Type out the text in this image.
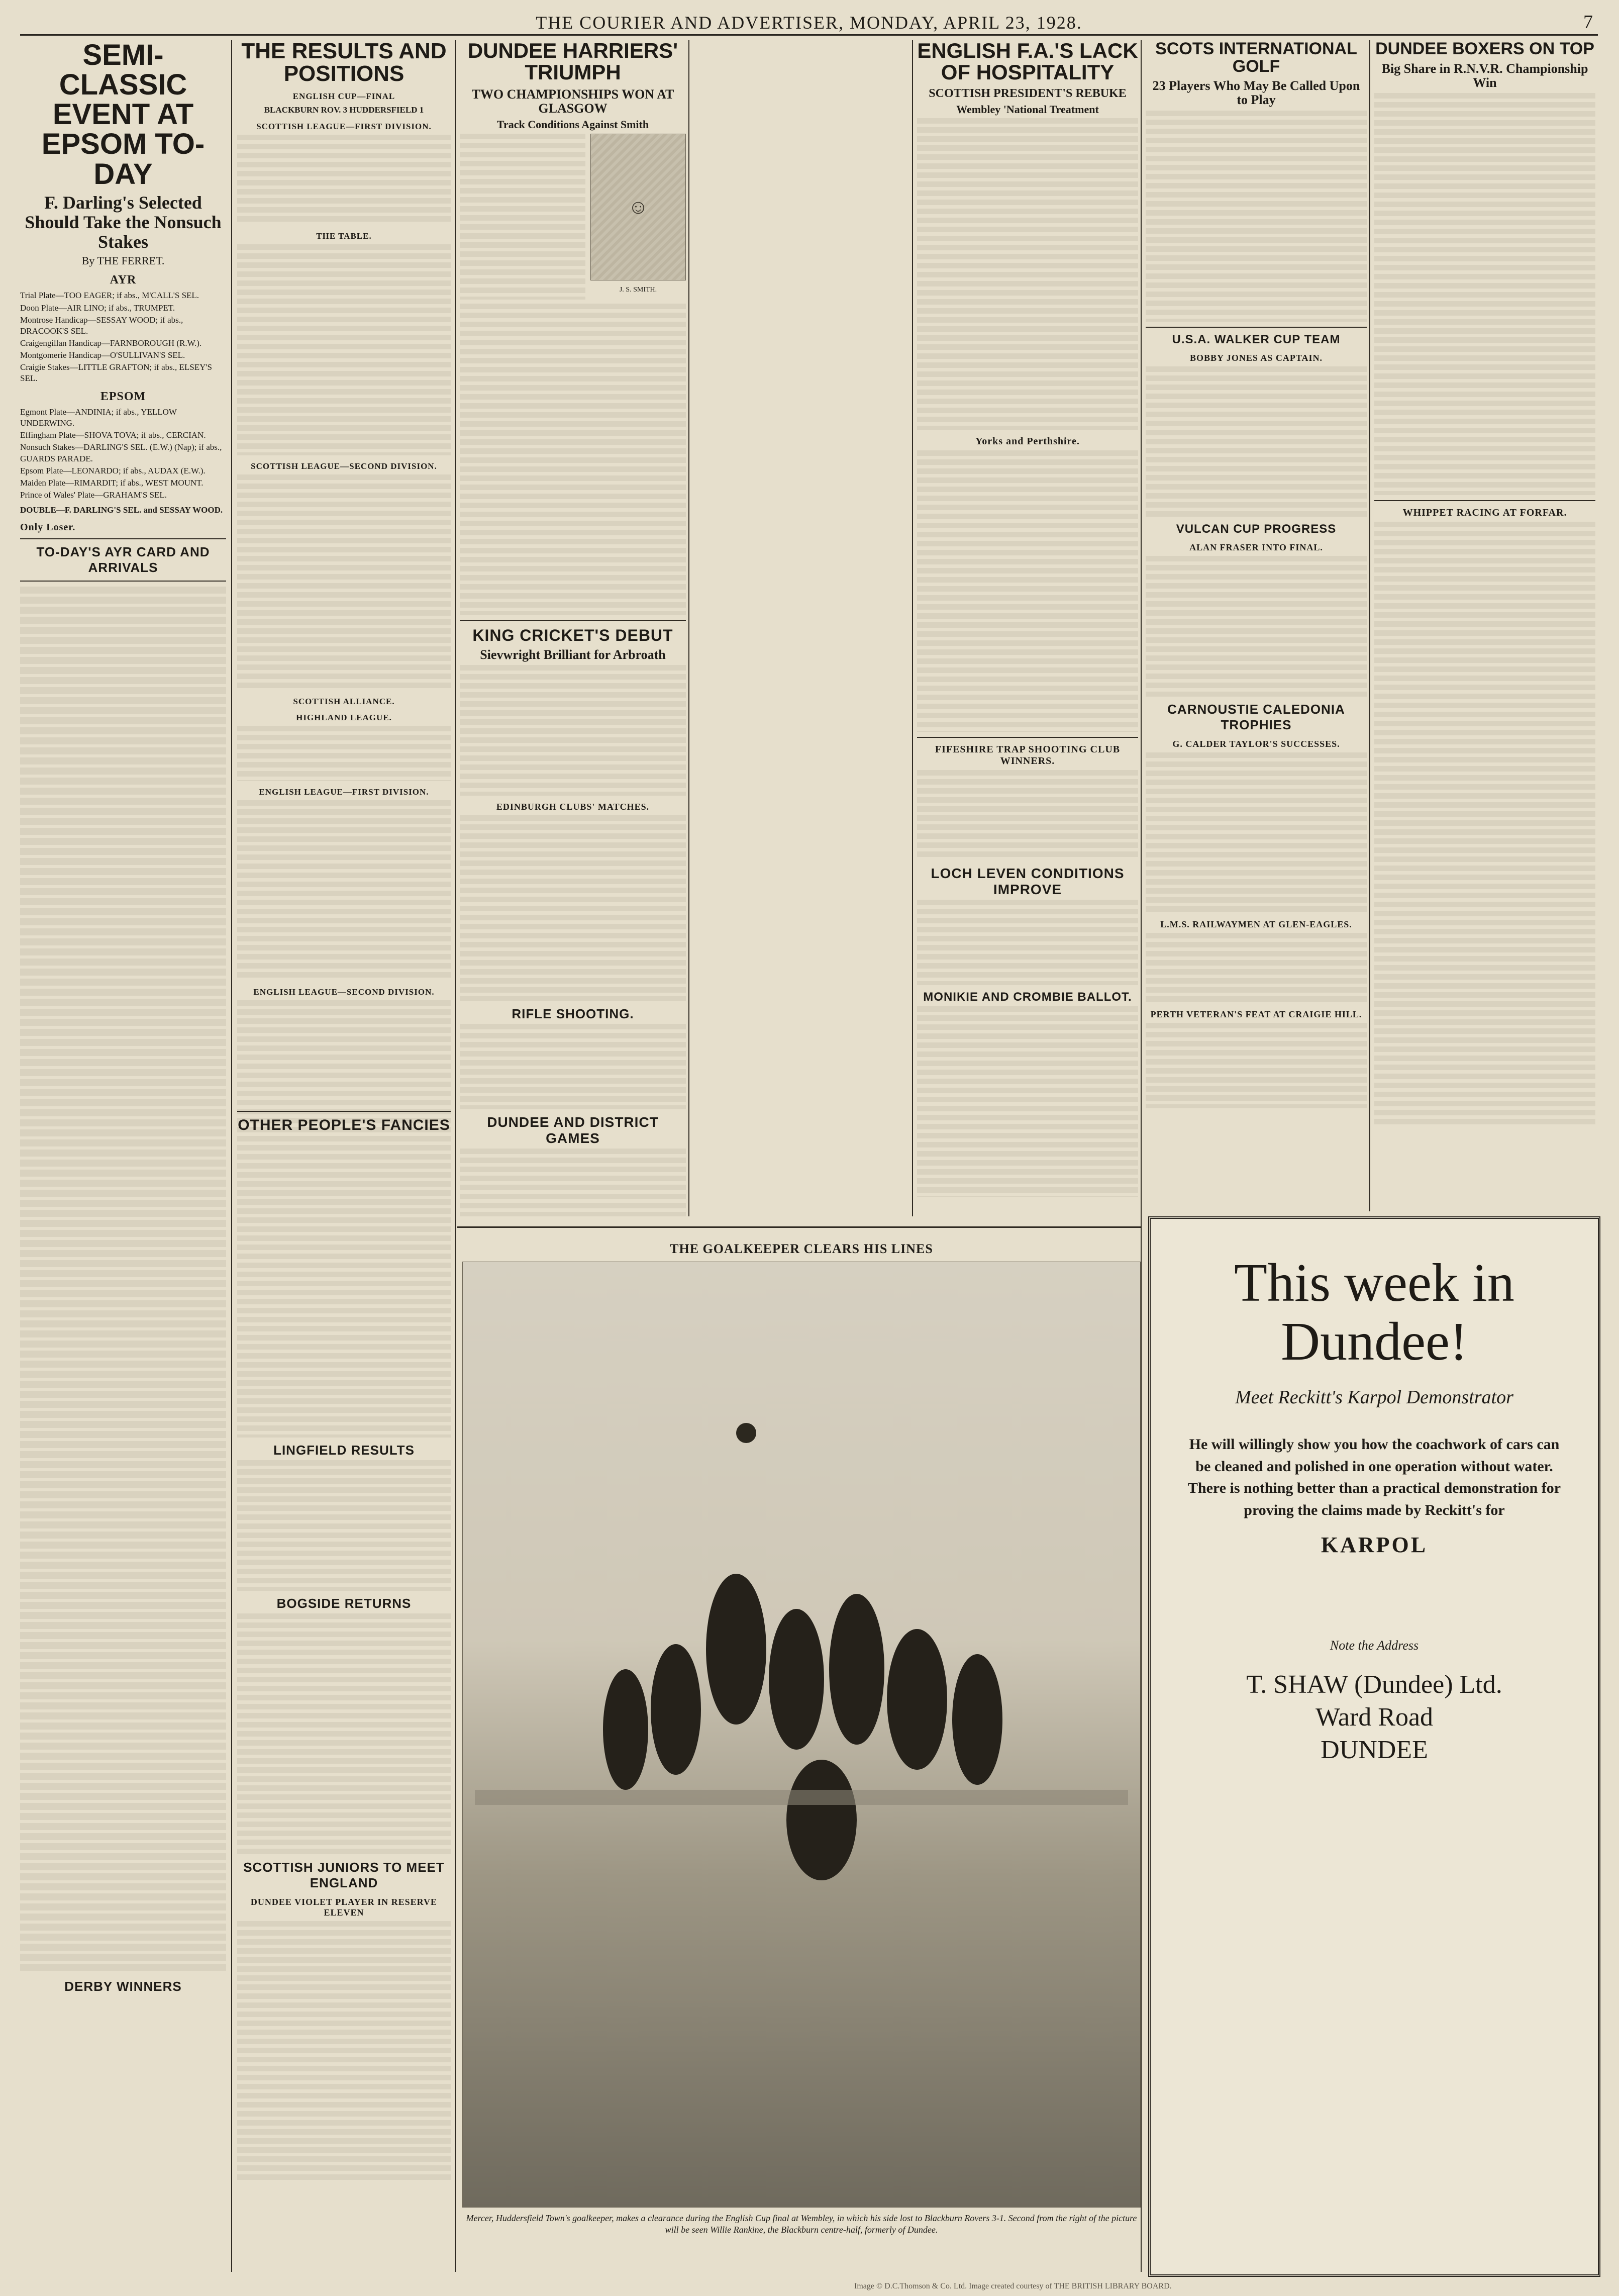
THE COURIER AND ADVERTISER, MONDAY, APRIL 23, 1928.	7
SEMI-CLASSIC EVENT AT EPSOM TO-DAY
F. Darling's Selected Should Take the Nonsuch Stakes
By THE FERRET.
AYR
Trial Plate—TOO EAGER; if abs., M'CALL'S SEL.
Doon Plate—AIR LINO; if abs., TRUMPET.
Montrose Handicap—SESSAY WOOD; if abs., DRACOOK'S SEL.
Craigengillan Handicap—FARNBOROUGH (R.W.).
Montgomerie Handicap—O'SULLIVAN'S SEL.
Craigie Stakes—LITTLE GRAFTON; if abs., ELSEY'S SEL.
EPSOM
Egmont Plate—ANDINIA; if abs., YELLOW UNDERWING.
Effingham Plate—SHOVA TOVA; if abs., CERCIAN.
Nonsuch Stakes—DARLING'S SEL. (E.W.) (Nap); if abs., GUARDS PARADE.
Epsom Plate—LEONARDO; if abs., AUDAX (E.W.).
Maiden Plate—RIMARDIT; if abs., WEST MOUNT.
Prince of Wales' Plate—GRAHAM'S SEL.
DOUBLE—F. DARLING'S SEL. and SESSAY WOOD.
Only Loser.
TO-DAY'S AYR CARD AND ARRIVALS
DERBY WINNERS
THE RESULTS AND POSITIONS
ENGLISH CUP—FINAL
BLACKBURN ROV. 3 HUDDERSFIELD 1
SCOTTISH LEAGUE—FIRST DIVISION.
THE TABLE.
SCOTTISH LEAGUE—SECOND DIVISION.
SCOTTISH ALLIANCE.
HIGHLAND LEAGUE.
ENGLISH LEAGUE—FIRST DIVISION.
ENGLISH LEAGUE—SECOND DIVISION.
OTHER PEOPLE'S FANCIES
LINGFIELD RESULTS
BOGSIDE RETURNS
SCOTTISH JUNIORS TO MEET ENGLAND
DUNDEE VIOLET PLAYER IN RESERVE ELEVEN
DUNDEE HARRIERS' TRIUMPH
TWO CHAMPIONSHIPS WON AT GLASGOW
Track Conditions Against Smith
☺
J. S. SMITH.
KING CRICKET'S DEBUT
Sievwright Brilliant for Arbroath
EDINBURGH CLUBS' MATCHES.
RIFLE SHOOTING.
DUNDEE AND DISTRICT GAMES
ENGLISH F.A.'S LACK OF HOSPITALITY
SCOTTISH PRESIDENT'S REBUKE
Wembley 'National Treatment
Yorks and Perthshire.
FIFESHIRE TRAP SHOOTING CLUB WINNERS.
LOCH LEVEN CONDITIONS IMPROVE
MONIKIE AND CROMBIE BALLOT.
SCOTS INTERNATIONAL GOLF
23 Players Who May Be Called Upon to Play
U.S.A. WALKER CUP TEAM
BOBBY JONES AS CAPTAIN.
VULCAN CUP PROGRESS
ALAN FRASER INTO FINAL.
CARNOUSTIE CALEDONIA TROPHIES
G. CALDER TAYLOR'S SUCCESSES.
L.M.S. RAILWAYMEN AT GLEN-EAGLES.
PERTH VETERAN'S FEAT AT CRAIGIE HILL.
DUNDEE BOXERS ON TOP
Big Share in R.N.V.R. Championship Win
WHIPPET RACING AT FORFAR.
THE GOALKEEPER CLEARS HIS LINES
Mercer, Huddersfield Town's goalkeeper, makes a clearance during the English Cup final at Wembley, in which his side lost to Blackburn Rovers 3-1. Second from the right of the picture will be seen Willie Rankine, the Blackburn centre-half, formerly of Dundee.
This week in
Dundee!
Meet Reckitt's Karpol Demonstrator
He will willingly show you how the coachwork of cars can be cleaned and polished in one operation without water. There is nothing better than a practical demonstration for proving the claims made by Reckitt's for
KARPOL
Note the Address
T. SHAW (Dundee) Ltd.
Ward Road
DUNDEE
Image © D.C.Thomson & Co. Ltd. Image created courtesy of THE BRITISH LIBRARY BOARD.
